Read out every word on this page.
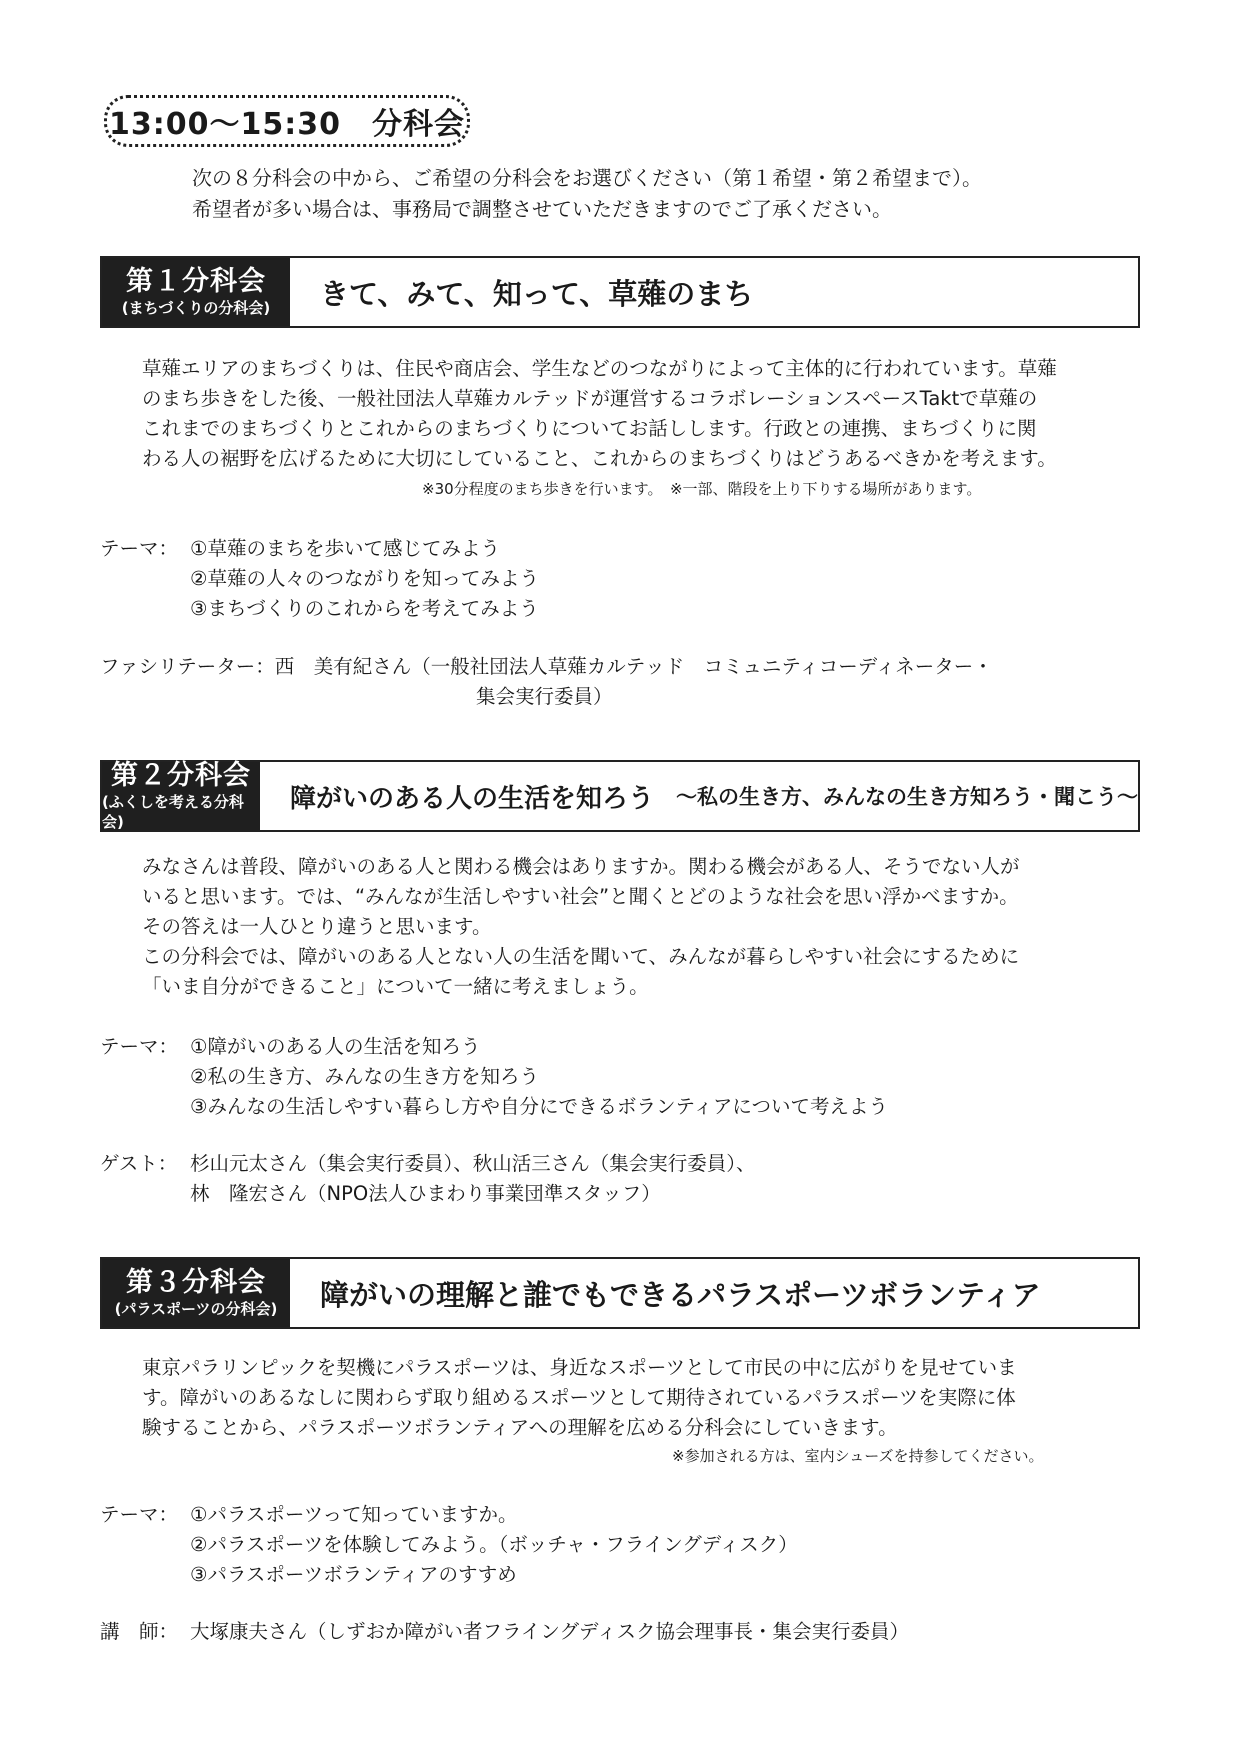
13:00〜15:30　分科会
次の８分科会の中から、ご希望の分科会をお選びください（第１希望・第２希望まで）。
希望者が多い場合は、事務局で調整させていただきますのでご了承ください。
第１分科会
(まちづくりの分科会)	きて、みて、知って、草薙のまち
草薙エリアのまちづくりは、住民や商店会、学生などのつながりによって主体的に行われています。草薙
のまち歩きをした後、一般社団法人草薙カルテッドが運営するコラボレーションスペースTaktで草薙の
これまでのまちづくりとこれからのまちづくりについてお話しします。行政との連携、まちづくりに関
わる人の裾野を広げるために大切にしていること、これからのまちづくりはどうあるべきかを考えます。
※30分程度のまち歩きを行います。　※一部、階段を上り下りする場所があります。
テーマ： ①草薙のまちを歩いて感じてみよう
②草薙の人々のつながりを知ってみよう
③まちづくりのこれからを考えてみよう
ファシリテーター： 西　美有紀さん（一般社団法人草薙カルテッド　コミュニティコーディネーター・
集会実行委員）
第２分科会
(ふくしを考える分科会)
障がいのある人の生活を知ろう 〜私の生き方、みんなの生き方知ろう・聞こう〜
みなさんは普段、障がいのある人と関わる機会はありますか。関わる機会がある人、そうでない人が
いると思います。では、“みんなが生活しやすい社会”と聞くとどのような社会を思い浮かべますか。
その答えは一人ひとり違うと思います。
この分科会では、障がいのある人とない人の生活を聞いて、みんなが暮らしやすい社会にするために
「いま自分ができること」について一緒に考えましょう。
テーマ： ①障がいのある人の生活を知ろう
②私の生き方、みんなの生き方を知ろう
③みんなの生活しやすい暮らし方や自分にできるボランティアについて考えよう
ゲスト： 杉山元太さん（集会実行委員）、秋山活三さん（集会実行委員）、
林　隆宏さん（NPO法人ひまわり事業団準スタッフ）
第３分科会
(パラスポーツの分科会)	障がいの理解と誰でもできるパラスポーツボランティア
東京パラリンピックを契機にパラスポーツは、身近なスポーツとして市民の中に広がりを見せていま
す。障がいのあるなしに関わらず取り組めるスポーツとして期待されているパラスポーツを実際に体
験することから、パラスポーツボランティアへの理解を広める分科会にしていきます。
※参加される方は、室内シューズを持参してください。
テーマ： ①パラスポーツって知っていますか。
②パラスポーツを体験してみよう。（ボッチャ・フライングディスク）
③パラスポーツボランティアのすすめ
講　師： 大塚康夫さん（しずおか障がい者フライングディスク協会理事長・集会実行委員）
